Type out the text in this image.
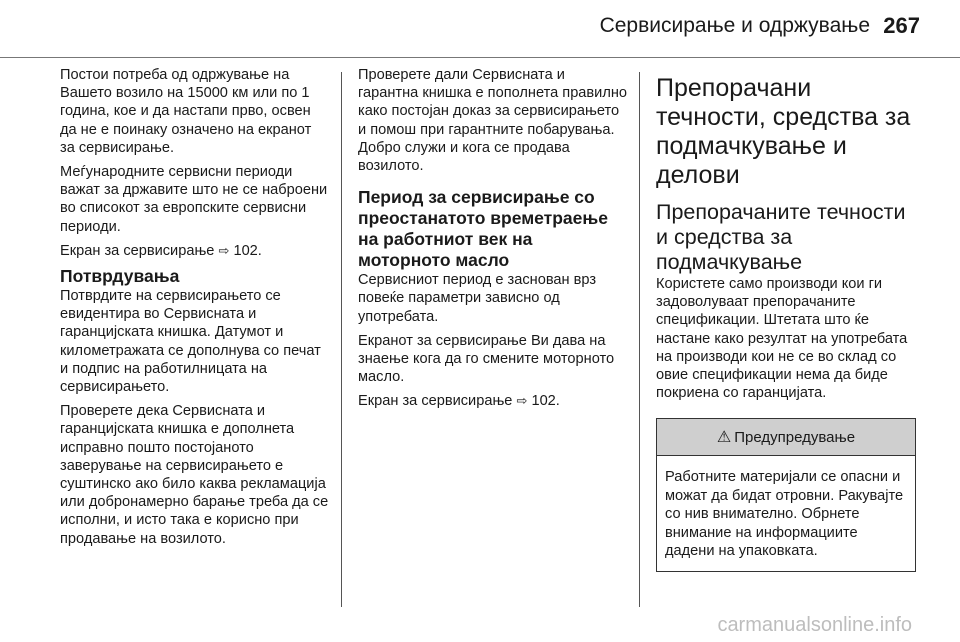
Сервисирање и одржување 267

Постои потреба од одржување на Вашето возило на 15000 км или по 1 година, кое и да настапи прво, освен да не е поинаку означено на екранот за сервисирање.

Меѓународните сервисни периоди важат за државите што не се наброени во списокот за европските сервисни периоди.

Екран за сервисирање ⇨ 102.

Потврдувања

Потврдите на сервисирањето се евидентира во Сервисната и гаранцијската книшка. Датумот и километражата се дополнува со печат и подпис на работилницата на сервисирањето.

Проверете дека Сервисната и гаранцијската книшка е дополнета исправно пошто постојаното заверување на сервисирањето е суштинско ако било каква рекламација или добронамерно барање треба да се исполни, и исто така е корисно при продавање на возилото.

Проверете дали Сервисната и гарантна книшка е пополнета правилно како постојан доказ за сервисирањето и помош при гарантните побарувања. Добро служи и кога се продава возилото.

Период за сервисирање со преостанатото времетраење на работниот век на моторното масло

Сервисниот период е заснован врз повеќе параметри зависно од употребата.

Екранот за сервисирање Ви дава на знаење кога да го смените моторното масло.

Екран за сервисирање ⇨ 102.

Препорачани течности, средства за подмачкување и делови
Препорачаните течности и средства за подмачкување

Користете само производи кои ги задоволуваат препорачаните спецификации. Штетата што ќе настане како резултат на употребата на производи кои не се во склад со овие спецификации нема да биде покриена со гаранцијата.

⚠ Предупредување
Работните материјали се опасни и можат да бидат отровни. Ракувајте со нив внимателно. Обрнете внимание на информациите дадени на упаковката.
carmanualsonline.info
